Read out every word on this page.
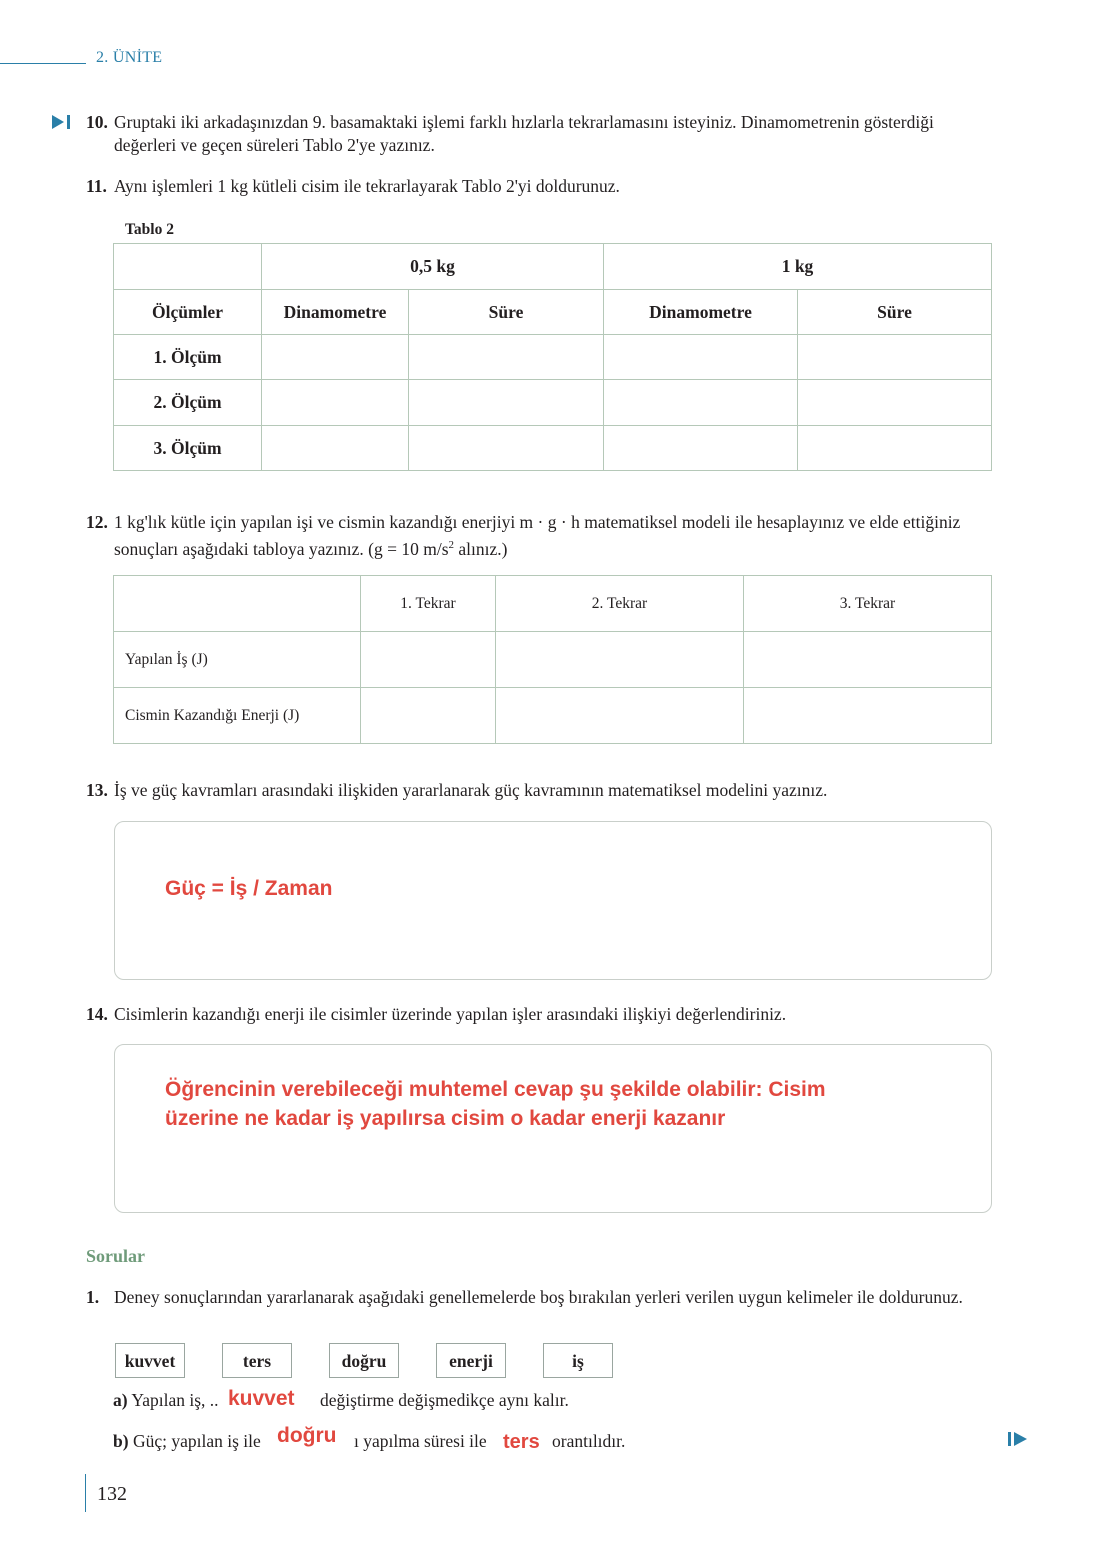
2. ÜNİTE
10. Gruptaki iki arkadaşınızdan 9. basamaktaki işlemi farklı hızlarla tekrarlamasını isteyiniz. Dinamometrenin gösterdiği değerleri ve geçen süreleri Tablo 2'ye yazınız.
11. Aynı işlemleri 1 kg kütleli cisim ile tekrarlayarak Tablo 2'yi doldurunuz.
Tablo 2
	0,5 kg		1 kg	
Ölçümler	Dinamometre	Süre	Dinamometre	Süre
1. Ölçüm				
2. Ölçüm				
3. Ölçüm				
12. 1 kg'lık kütle için yapılan işi ve cismin kazandığı enerjiyi m · g · h matematiksel modeli ile hesaplayınız ve elde ettiğiniz sonuçları aşağıdaki tabloya yazınız. (g = 10 $m/s^2$ alınız.)
	1. Tekrar	2. Tekrar	3. Tekrar
Yapılan İş (J)			
Cismin Kazandığı Enerji (J)			
13. İş ve güç kavramları arasındaki ilişkiden yararlanarak güç kavramının matematiksel modelini yazınız.
Güç = İş / Zaman
14. Cisimlerin kazandığı enerji ile cisimler üzerinde yapılan işler arasındaki ilişkiyi değerlendiriniz.
Öğrencinin verebileceği muhtemel cevap şu şekilde olabilir: Cisim üzerine ne kadar iş yapılırsa cisim o kadar enerji kazanır
Sorular
1. Deney sonuçlarından yararlanarak aşağıdaki genellemelerde boş bırakılan yerleri verilen uygun kelimeler ile doldurunuz.
kuvvet	ters	doğru	enerji	iş
a) Yapılan iş, .. kuvvet değiştirme değişmedikçe aynı kalır.
b) Güç; yapılan iş ile doğru ı yapılma süresi ile ters orantılıdır.
132
